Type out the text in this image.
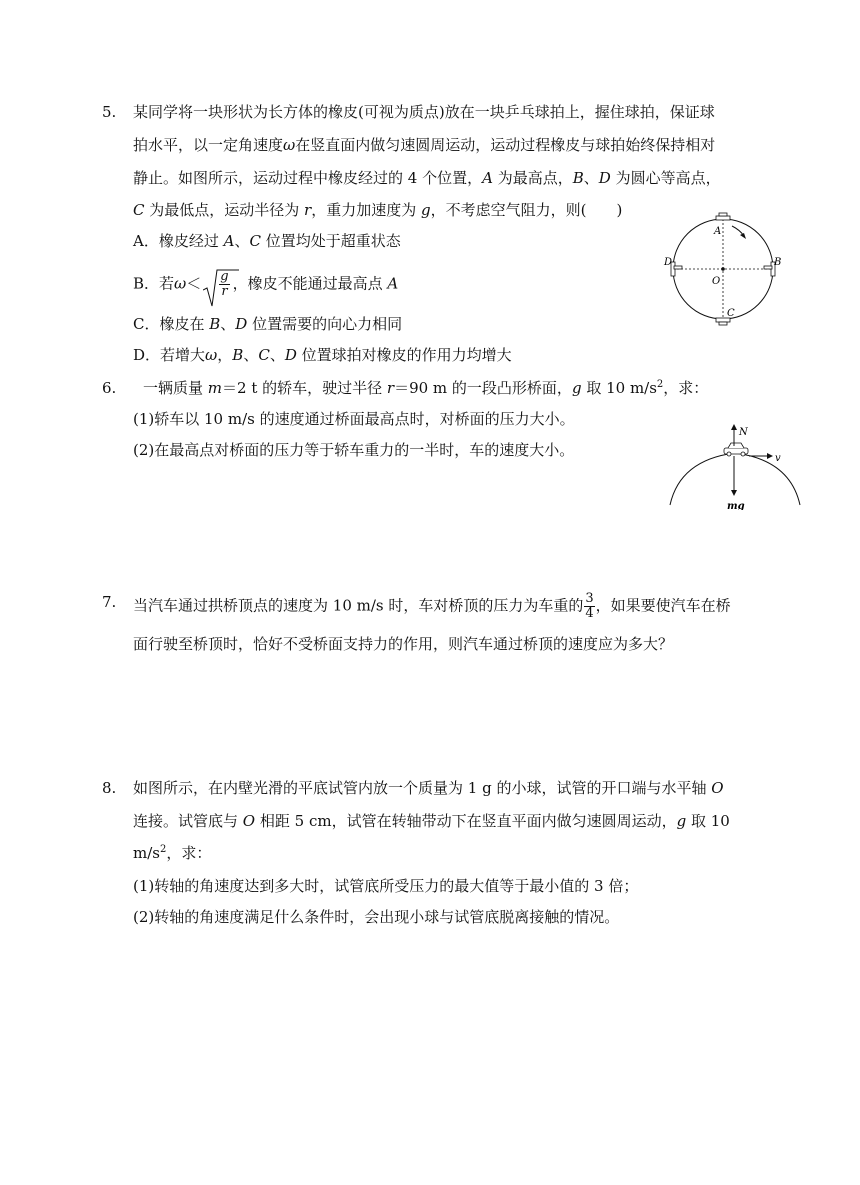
5. 某同学将一块形状为长方体的橡皮(可视为质点)放在一块乒乓球拍上，握住球拍，保证球
拍水平，以一定角速度ω在竖直面内做匀速圆周运动，运动过程橡皮与球拍始终保持相对
静止。如图所示，运动过程中橡皮经过的 4 个位置，A 为最高点，B、D 为圆心等高点，
C 为最低点，运动半径为 r，重力加速度为 g，不考虑空气阻力，则(　　)
A．橡皮经过 A、C 位置均处于超重状态
B．若$\omega< \frac{g}{r}$ ，橡皮不能通过最高点 A
C．橡皮在 B、D 位置需要的向心力相同
D．若增大ω，B、C、D 位置球拍对橡皮的作用力均增大
A
B
C
D
O
6. 一辆质量 m＝2 t 的轿车，驶过半径 r＝90 m 的一段凸形桥面，g 取 10 $m/s^2$，求：
(1)轿车以 10 m/s 的速度通过桥面最高点时，对桥面的压力大小。
(2)在最高点对桥面的压力等于轿车重力的一半时，车的速度大小。
N
v
mg
7. 当汽车通过拱桥顶点的速度为 10 m/s 时，车对桥顶的压力为车重的 $\frac{3}{4}$ ，如果要使汽车在桥
面行驶至桥顶时，恰好不受桥面支持力的作用，则汽车通过桥顶的速度应为多大？
8. 如图所示，在内壁光滑的平底试管内放一个质量为 1 g 的小球，试管的开口端与水平轴 O
连接。试管底与 O 相距 5 cm，试管在转轴带动下在竖直平面内做匀速圆周运动，g 取 10
$m/s^2$，求：
(1)转轴的角速度达到多大时，试管底所受压力的最大值等于最小值的 3 倍；
(2)转轴的角速度满足什么条件时，会出现小球与试管底脱离接触的情况。
